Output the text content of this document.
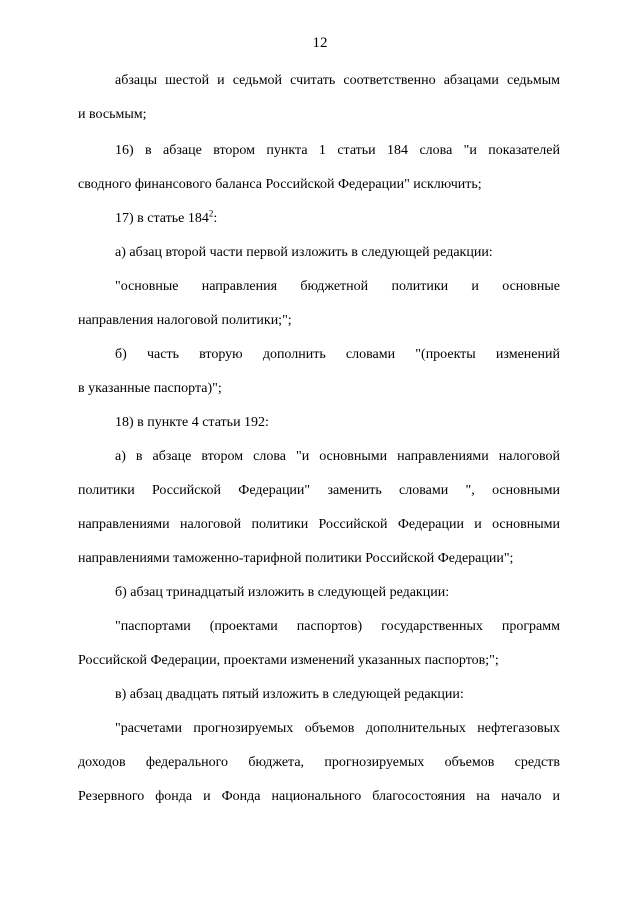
12
абзацы шестой и седьмой считать соответственно абзацами седьмым
и восьмым;
16) в абзаце втором пункта 1 статьи 184 слова "и показателей
сводного финансового баланса Российской Федерации" исключить;
17) в статье $184^2$:
а) абзац второй части первой изложить в следующей редакции:
"основные направления бюджетной политики и основные
направления налоговой политики;";
б) часть вторую дополнить словами "(проекты изменений
в указанные паспорта)";
18) в пункте 4 статьи 192:
а) в абзаце втором слова "и основными направлениями налоговой
политики Российской Федерации" заменить словами ", основными
направлениями налоговой политики Российской Федерации и основными
направлениями таможенно-тарифной политики Российской Федерации";
б) абзац тринадцатый изложить в следующей редакции:
"паспортами (проектами паспортов) государственных программ
Российской Федерации, проектами изменений указанных паспортов;";
в) абзац двадцать пятый изложить в следующей редакции:
"расчетами прогнозируемых объемов дополнительных нефтегазовых
доходов федерального бюджета, прогнозируемых объемов средств
Резервного фонда и Фонда национального благосостояния на начало и
